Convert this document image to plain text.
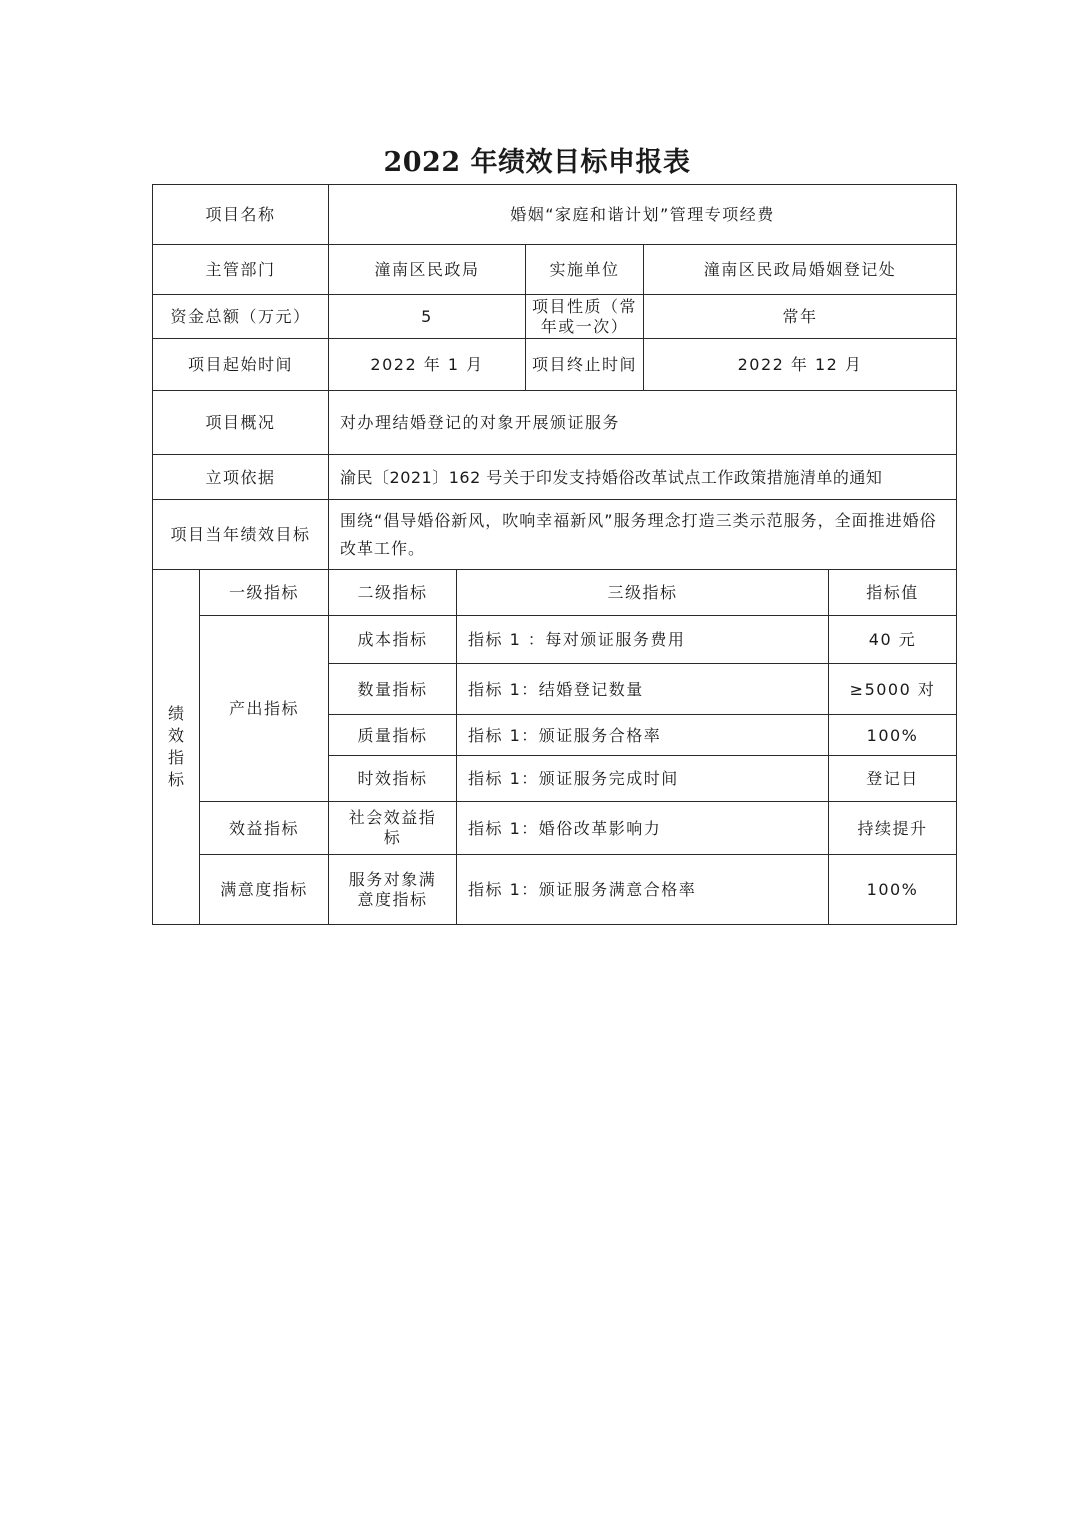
2022 年绩效目标申报表
项目名称		婚姻“家庭和谐计划”管理专项经费				
主管部门		潼南区民政局		实施单位	潼南区民政局婚姻登记处	
资金总额（万元）		5		项目性质（常年或一次）	常年	
项目起始时间		2022 年 1 月		项目终止时间	2022 年 12 月	
项目概况		对办理结婚登记的对象开展颁证服务				
立项依据		渝民〔2021〕162 号关于印发支持婚俗改革试点工作政策措施清单的通知				
项目当年绩效目标		围绕“倡导婚俗新风，吹响幸福新风”服务理念打造三类示范服务，全面推进婚俗改革工作。				
绩效指标	一级指标	二级指标	三级指标			指标值
	产出指标	成本指标	指标 1 ：每对颁证服务费用			40 元
		数量指标	指标 1：结婚登记数量			≥5000 对
		质量指标	指标 1：颁证服务合格率			100%
		时效指标	指标 1：颁证服务完成时间			登记日
	效益指标	社会效益指标	指标 1：婚俗改革影响力			持续提升
	满意度指标	服务对象满意度指标	指标 1：颁证服务满意合格率			100%
